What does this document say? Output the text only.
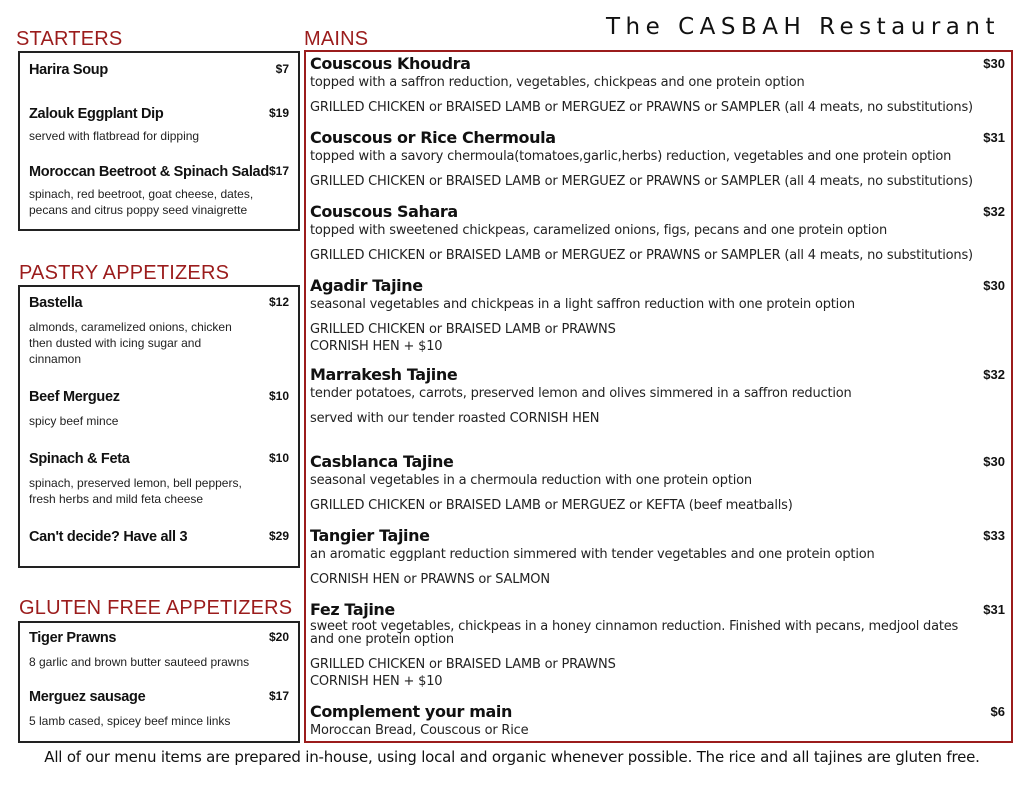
The CASBAH Restaurant
STARTERS
Harira Soup	$7
Zalouk Eggplant Dip	$19
served with flatbread for dipping
Moroccan Beetroot & Spinach Salad $17
spinach, red beetroot, goat cheese, dates,
pecans and citrus poppy seed vinaigrette
PASTRY APPETIZERS
Bastella	$12
almonds, caramelized onions, chicken
then dusted with icing sugar and
cinnamon
Beef Merguez	$10
spicy beef mince
Spinach & Feta	$10
spinach, preserved lemon, bell peppers,
fresh herbs and mild feta cheese
Can't decide? Have all 3	$29
GLUTEN FREE APPETIZERS
Tiger Prawns	$20
8 garlic and brown butter sauteed prawns
Merguez sausage	$17
5 lamb cased, spicey beef mince links
MAINS
Couscous Khoudra	$30
topped with a saffron reduction, vegetables, chickpeas and one protein option
GRILLED CHICKEN or BRAISED LAMB or MERGUEZ or PRAWNS or SAMPLER (all 4 meats, no substitutions)
Couscous or Rice Chermoula	$31
topped with a savory chermoula(tomatoes,garlic,herbs) reduction, vegetables and one protein option
GRILLED CHICKEN or BRAISED LAMB or MERGUEZ or PRAWNS or SAMPLER (all 4 meats, no substitutions)
Couscous Sahara	$32
topped with sweetened chickpeas, caramelized onions, figs, pecans and one protein option
GRILLED CHICKEN or BRAISED LAMB or MERGUEZ or PRAWNS or SAMPLER (all 4 meats, no substitutions)
Agadir Tajine	$30
seasonal vegetables and chickpeas in a light saffron reduction with one protein option
GRILLED CHICKEN or BRAISED LAMB or PRAWNS
CORNISH HEN + $10
Marrakesh Tajine	$32
tender potatoes, carrots, preserved lemon and olives simmered in a saffron reduction
served with our tender roasted CORNISH HEN
Casblanca Tajine	$30
seasonal vegetables in a chermoula reduction with one protein option
GRILLED CHICKEN or BRAISED LAMB or MERGUEZ or KEFTA (beef meatballs)
Tangier Tajine	$33
an aromatic eggplant reduction simmered with tender vegetables and one protein option
CORNISH HEN or PRAWNS or SALMON
Fez Tajine	$31
sweet root vegetables, chickpeas in a honey cinnamon reduction. Finished with pecans, medjool dates
and one protein option
GRILLED CHICKEN or BRAISED LAMB or PRAWNS
CORNISH HEN + $10
Complement your main	$6
Moroccan Bread, Couscous or Rice
All of our menu items are prepared in-house, using local and organic whenever possible. The rice and all tajines are gluten free.
